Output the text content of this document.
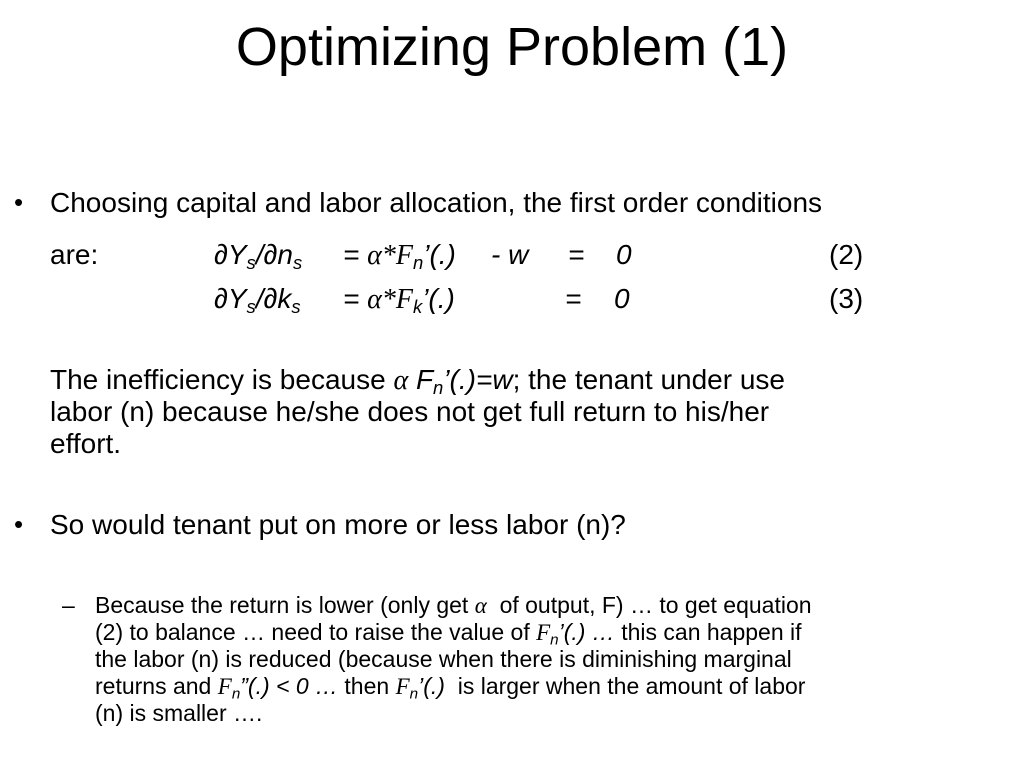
Optimizing Problem (1)
• Choosing capital and labor allocation, the first order conditions
are:	$\partial Y_s/\partial n_s$ = $\alpha*F_n’(.) - w = 0$	(2)
$\partial Y_s/\partial k_s$ = $\alpha*F_k’(.)$	= 0	(3)
The inefficiency is because α $F_n’(.)=w$; the tenant under use
labor (n) because he/she does not get full return to his/her
effort.
• So would tenant put on more or less labor (n)?
– Because the return is lower (only get α of output, F) … to get equation
(2) to balance … need to raise the value of $F_n’(.)$ … this can happen if
the labor (n) is reduced (because when there is diminishing marginal
returns and $F_n”(.) < 0$ … then $F_n’(.)$ is larger when the amount of labor
(n) is smaller ….
